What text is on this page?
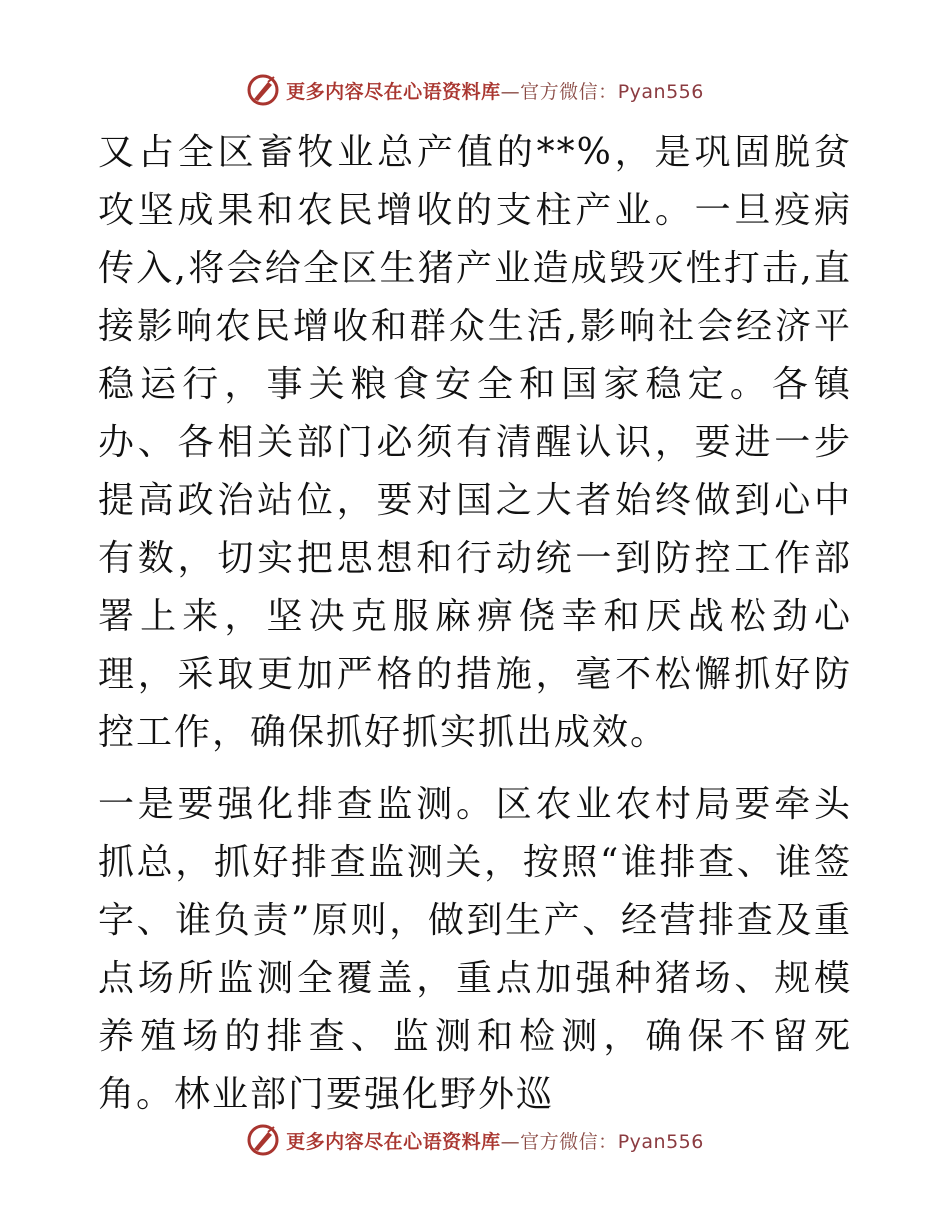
更多内容尽在心语资料库—官方微信：Pyan556

又占全区畜牧业总产值的**%，是巩固脱贫攻坚成果和农民增收的支柱产业。一旦疫病传入,将会给全区生猪产业造成毁灭性打击,直接影响农民增收和群众生活,影响社会经济平稳运行，事关粮食安全和国家稳定。各镇办、各相关部门必须有清醒认识，要进一步提高政治站位，要对国之大者始终做到心中有数，切实把思想和行动统一到防控工作部署上来，坚决克服麻痹侥幸和厌战松劲心理，采取更加严格的措施，毫不松懈抓好防控工作，确保抓好抓实抓出成效。

一是要强化排查监测。区农业农村局要牵头抓总，抓好排查监测关，按照“谁排查、谁签字、谁负责”原则，做到生产、经营排查及重点场所监测全覆盖，重点加强种猪场、规模养殖场的排查、监测和检测，确保不留死角。林业部门要强化野外巡

更多内容尽在心语资料库—官方微信：Pyan556
